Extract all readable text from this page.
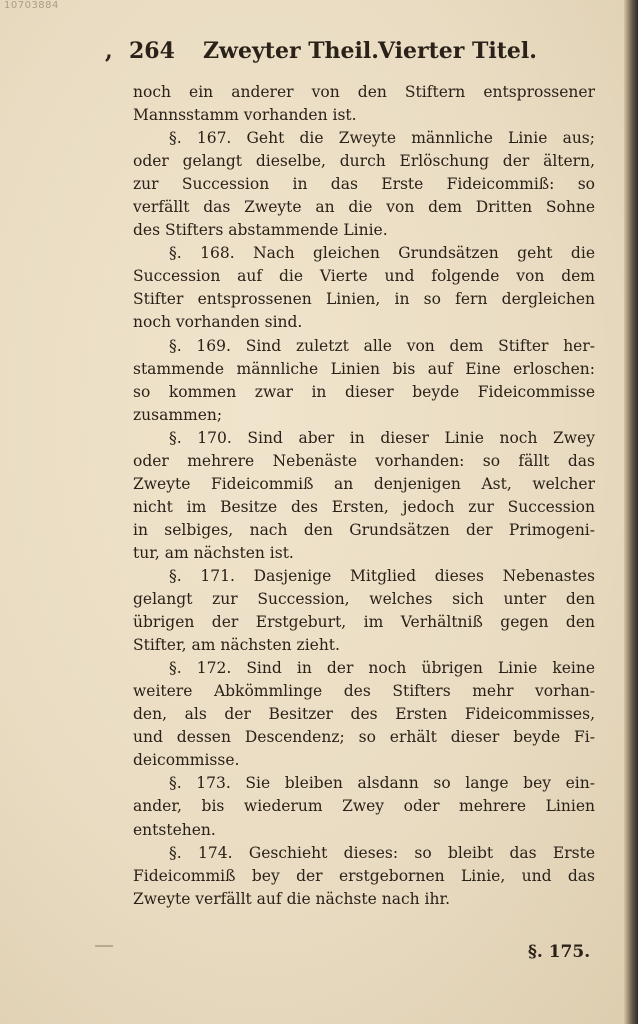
10703884
, 264 Zweyter Theil. Vierter Titel.
noch ein anderer von den Stiftern entsprossener
Mannsstamm vorhanden ist.
§. 167. Geht die Zweyte männliche Linie aus;
oder gelangt dieselbe, durch Erlöschung der ältern,
zur Succession in das Erste Fideicommiß: so
verfällt das Zweyte an die von dem Dritten Sohne
des Stifters abstammende Linie.
§. 168. Nach gleichen Grundsätzen geht die
Succession auf die Vierte und folgende von dem
Stifter entsprossenen Linien, in so fern dergleichen
noch vorhanden sind.
§. 169. Sind zuletzt alle von dem Stifter her-
stammende männliche Linien bis auf Eine erloschen:
so kommen zwar in dieser beyde Fideicommisse
zusammen;
§. 170. Sind aber in dieser Linie noch Zwey
oder mehrere Nebenäste vorhanden: so fällt das
Zweyte Fideicommiß an denjenigen Ast, welcher
nicht im Besitze des Ersten, jedoch zur Succession
in selbiges, nach den Grundsätzen der Primogeni-
tur, am nächsten ist.
§. 171. Dasjenige Mitglied dieses Nebenastes
gelangt zur Succession, welches sich unter den
übrigen der Erstgeburt, im Verhältniß gegen den
Stifter, am nächsten zieht.
§. 172. Sind in der noch übrigen Linie keine
weitere Abkömmlinge des Stifters mehr vorhan-
den, als der Besitzer des Ersten Fideicommisses,
und dessen Descendenz; so erhält dieser beyde Fi-
deicommisse.
§. 173. Sie bleiben alsdann so lange bey ein-
ander, bis wiederum Zwey oder mehrere Linien
entstehen.
§. 174. Geschieht dieses: so bleibt das Erste
Fideicommiß bey der erstgebornen Linie, und das
Zweyte verfällt auf die nächste nach ihr.
§. 175.
